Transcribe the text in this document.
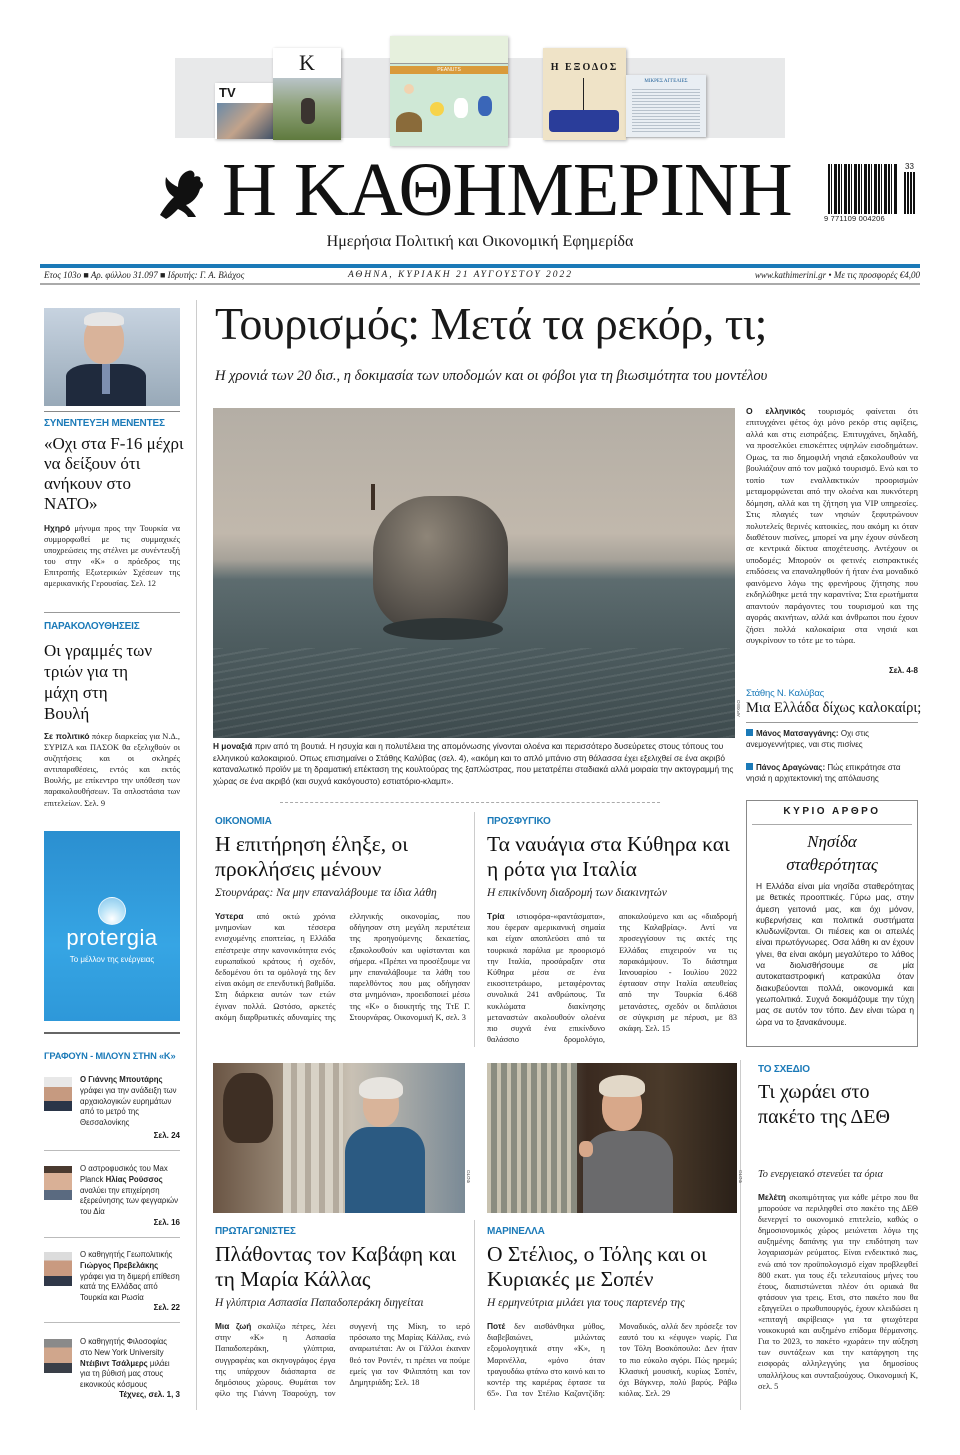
TV
Κ	PEANUTS	Η ΕΞΟΔΟΣ
ΜΙΚΡΕΣ ΑΓΓΕΛΙΕΣ
Η ΚΑΘΗΜΕΡΙΝΗ	33
9 771109 004206
Ημερήσια Πολιτική και Οικονομική Εφημερίδα
Ετος 103ο ■ Αρ. φύλλου 31.097 ■ Ιδρυτής: Γ. Α. Βλάχος	ΑΘΗΝΑ, ΚΥΡΙΑΚΗ 21 ΑΥΓΟΥΣΤΟΥ 2022	www.kathimerini.gr • Με τις προσφορές €4,00
Τουρισμός: Μετά τα ρεκόρ, τι;
Η χρονιά των 20 δισ., η δοκιμασία των υποδομών και οι φόβοι για τη βιωσιμότητα του μοντέλου
ΑΡΧΕΙΟ
Η μοναξιά πριν από τη βουτιά. Η ησυχία και η πολυτέλεια της απομόνωσης γίνονται ολοένα και περισσότερο δυσεύρετες στους τόπους του ελληνικού καλοκαιριού. Οπως επισημαίνει ο Στάθης Καλύβας (σελ. 4), «ακόμη και το απλό μπάνιο στη θάλασσα έχει εξελιχθεί σε ένα ακριβό καταναλωτικό προϊόν με τη δραματική επέκταση της κουλτούρας της ξαπλώστρας, που μετατρέπει σταδιακά αλλά μοιραία την ακτογραμμή της χώρας σε ένα ακριβό (και συχνά κακόγουστο) εστιατόριο-κλαμπ».
Ο ελληνικός τουρισμός φαίνεται ότι επιτυγχάνει φέτος όχι μόνο ρεκόρ στις αφίξεις, αλλά και στις εισπράξεις. Επιτυγχάνει, δηλαδή, να προσελκύει επισκέπτες υψηλών εισοδημάτων. Ομως, τα πιο δημοφιλή νησιά εξακολουθούν να βουλιάζουν από τον μαζικό τουρισμό. Ενώ και το τοπίο των εναλλακτικών προορισμών μεταμορφώνεται από την ολοένα και πυκνότερη δόμηση, αλλά και τη ζήτηση για VIP υπηρεσίες. Στις πλαγιές των νησιών ξεφυτρώνουν πολυτελείς θερινές κατοικίες, που ακόμη κι όταν διαθέτουν πισίνες, μπορεί να μην έχουν σύνδεση σε κεντρικά δίκτυα αποχέτευσης. Αντέχουν οι υποδομές; Μπορούν οι φετινές εισπρακτικές επιδόσεις να επαναληφθούν ή ήταν ένα μοναδικό φαινόμενο λόγω της φρενήρους ζήτησης που εκδηλώθηκε μετά την καραντίνα; Στα ερωτήματα απαντούν παράγοντες του τουρισμού και της αγοράς ακινήτων, αλλά και άνθρωποι που έχουν ζήσει πολλά καλοκαίρια στα νησιά και συγκρίνουν το τότε με το τώρα.
Σελ. 4-8
Στάθης Ν. Καλύβας
Μια Ελλάδα δίχως καλοκαίρι;
Μάνος Ματσαγγάνης: Οχι στις ανεμογεννήτριες, ναι στις πισίνες
Πάνος Δραγώνας: Πώς επικράτησε στα νησιά η αρχιτεκτονική της απόλαυσης
ΣΥΝΕΝΤΕΥΞΗ ΜΕΝΕΝΤΕΣ
«Οχι στα F-16 μέχρι να δείξουν ότι ανήκουν στο ΝΑΤΟ»
Ηχηρό μήνυμα προς την Τουρκία να συμμορφωθεί με τις συμμαχικές υποχρεώσεις της στέλνει με συνέντευξή του στην «Κ» ο πρόεδρος της Επιτροπής Εξωτερικών Σχέσεων της αμερικανικής Γερουσίας. Σελ. 12
ΠΑΡΑΚΟΛΟΥΘΗΣΕΙΣ
Οι γραμμές των τριών για τη μάχη στη Βουλή
Σε πολιτικό πόκερ διαρκείας για Ν.Δ., ΣΥΡΙΖΑ και ΠΑΣΟΚ θα εξελιχθούν οι συζητήσεις και οι σκληρές αντιπαραθέσεις, εντός και εκτός Βουλής, με επίκεντρο την υπόθεση των παρακολουθήσεων. Τα οπλοστάσια των επιτελείων. Σελ. 9
protergia
Το μέλλον της ενέργειας
ΓΡΑΦΟΥΝ - ΜΙΛΟΥΝ ΣΤΗΝ «Κ»
Ο Γιάννης Μπουτάρης γράφει για την ανάδειξη των αρχαιολογικών ευρημάτων από το μετρό της Θεσσαλονίκης
Σελ. 24
Ο αστροφυσικός του Max Planck Ηλίας Ρούσσος αναλύει την επιχείρηση εξερεύνησης των φεγγαριών του Δία
Σελ. 16
Ο καθηγητής Γεωπολιτικής Γιώργος Πρεβελάκης γράφει για τη διμερή επίθεση κατά της Ελλάδας από Τουρκία και Ρωσία
Σελ. 22
Ο καθηγητής Φιλοσοφίας στο New York University Ντέιβιντ Τσάλμερς μιλάει για τη βύθισή μας στους εικονικούς κόσμους
Τέχνες, σελ. 1, 3
ΟΙΚΟΝΟΜΙΑ
Η επιτήρηση έληξε, οι προκλήσεις μένουν
Στουρνάρας: Να μην επαναλάβουμε τα ίδια λάθη
Υστερα από οκτώ χρόνια μνημονίων και τέσσερα ενισχυμένης εποπτείας, η Ελλάδα επέστρεψε στην κανονικότητα ενός ευρωπαϊκού κράτους ή σχεδόν, δεδομένου ότι τα ομόλογά της δεν είναι ακόμη σε επενδυτική βαθμίδα. Στη διάρκεια αυτών των ετών έγιναν πολλά. Ωστόσο, αρκετές ακόμη διαρθρωτικές αδυναμίες της ελληνικής οικονομίας, που οδήγησαν στη μεγάλη περιπέτεια της προηγούμενης δεκαετίας, εξακολουθούν και υφίστανται και σήμερα. «Πρέπει να προσέξουμε να μην επαναλάβουμε τα λάθη του παρελθόντος που μας οδήγησαν στα μνημόνια», προειδοποιεί μέσω της «Κ» ο διοικητής της ΤτΕ Γ. Στουρνάρας. Οικονομική Κ, σελ. 3
ΠΡΟΣΦΥΓΙΚΟ
Τα ναυάγια στα Κύθηρα και η ρότα για Ιταλία
Η επικίνδυνη διαδρομή των διακινητών
Τρία ιστιοφόρα-«φαντάσματα», που έφεραν αμερικανική σημαία και είχαν αποπλεύσει από τα τουρκικά παράλια με προορισμό την Ιταλία, προσάραξαν στα Κύθηρα μέσα σε ένα εικοσιτετράωρο, μεταφέροντας συνολικά 241 ανθρώπους. Τα κυκλώματα διακίνησης μεταναστών ακολουθούν ολοένα πιο συχνά ένα επικίνδυνο θαλάσσιο δρομολόγιο, αποκαλούμενο και ως «διαδρομή της Καλαβρίας». Αντί να προσεγγίσουν τις ακτές της Ελλάδας επιχειρούν να τις παρακάμψουν. Το διάστημα Ιανουαρίου - Ιουλίου 2022 έφτασαν στην Ιταλία απευθείας από την Τουρκία 6.468 μετανάστες, σχεδόν οι διπλάσιοι σε σύγκριση με πέρυσι, με 83 σκάφη. Σελ. 15
ΚΥΡΙΟ ΑΡΘΡΟ
Νησίδα σταθερότητας
Η Ελλάδα είναι μία νησίδα σταθερότητας με θετικές προοπτικές. Γύρω μας, στην άμεση γειτονιά μας, και όχι μόνον, κυβερνήσεις και πολιτικά συστήματα κλυδωνίζονται. Οι πιέσεις και οι απειλές είναι πρωτόγνωρες. Οσα λάθη κι αν έχουν γίνει, θα είναι ακόμη μεγαλύτερο το λάθος να διολισθήσουμε σε μία αυτοκαταστροφική κατρακύλα όταν διακυβεύονται πολλά, οικονομικά και γεωπολιτικά. Συχνά δοκιμάζουμε την τύχη μας σε αυτόν τον τόπο. Δεν είναι τώρα η ώρα να το ξανακάνουμε.
ΦΩΤΟ	ΦΩΤΟ
ΠΡΩΤΑΓΩΝΙΣΤΕΣ
Πλάθοντας τον Καβάφη και τη Μαρία Κάλλας
Η γλύπτρια Ασπασία Παπαδοπεράκη διηγείται
Μια ζωή σκαλίζω πέτρες, λέει στην «Κ» η Ασπασία Παπαδοπεράκη, γλύπτρια, συγγραφέας και σκηνογράφος έργα της υπάρχουν διάσπαρτα σε δημόσιους χώρους. Θυμάται τον φίλο της Γιάννη Τσαρούχη, τον συγγενή της Μίκη, το ιερό πρόσωπο της Μαρίας Κάλλας, ενώ αναρωτιέται: Αν οι Γάλλοι έκαναν θεό τον Ροντέν, τι πρέπει να πούμε εμείς για τον Φιλιππότη και τον Δημητριάδη; Σελ. 18
ΜΑΡΙΝΕΛΛΑ
Ο Στέλιος, ο Τόλης και οι Κυριακές με Σοπέν
Η ερμηνεύτρια μιλάει για τους παρτενέρ της
Ποτέ δεν αισθάνθηκα μύθος, διαβεβαιώνει, μιλώντας εξομολογητικά στην «Κ», η Μαρινέλλα, «μόνο όταν τραγουδάω φτάνω στο κοινό και το κοντέρ της καριέρας έφτασε τα 65». Για τον Στέλιο Καζαντζίδη: Μοναδικός, αλλά δεν πρόσεξε τον εαυτό του κι «έφυγε» νωρίς. Για τον Τόλη Βοσκόπουλο: Δεν ήταν το πιο εύκολο αγόρι. Πώς ηρεμώ; Κλασική μουσική, κυρίως Σοπέν, όχι Βάγκνερ, πολύ βαρύς. Ράβω κιόλας. Σελ. 29
ΤΟ ΣΧΕΔΙΟ
Τι χωράει στο πακέτο της ΔΕΘ
Το ενεργειακό στενεύει τα όρια
Μελέτη σκοπιμότητας για κάθε μέτρο που θα μπορούσε να περιληφθεί στο πακέτο της ΔΕΘ διενεργεί το οικονομικό επιτελείο, καθώς ο δημοσιονομικός χώρος μειώνεται λόγω της αυξημένης δαπάνης για την επιδότηση των λογαριασμών ρεύματος. Είναι ενδεικτικό πως, ενώ από τον προϋπολογισμό είχαν προβλεφθεί 800 εκατ. για τους έξι τελευταίους μήνες του έτους, διαπιστώνεται πλέον ότι οριακά θα φτάσουν για τρεις. Ετσι, στο πακέτο που θα εξαγγείλει ο πρωθυπουργός, έχουν κλειδώσει η «επιταγή ακρίβειας» για τα φτωχότερα νοικοκυριά και αυξημένο επίδομα θέρμανσης. Για το 2023, το πακέτο «χωράει» την αύξηση των συντάξεων και την κατάργηση της εισφοράς αλληλεγγύης για δημοσίους υπαλλήλους και συνταξιούχους. Οικονομική Κ, σελ. 5
